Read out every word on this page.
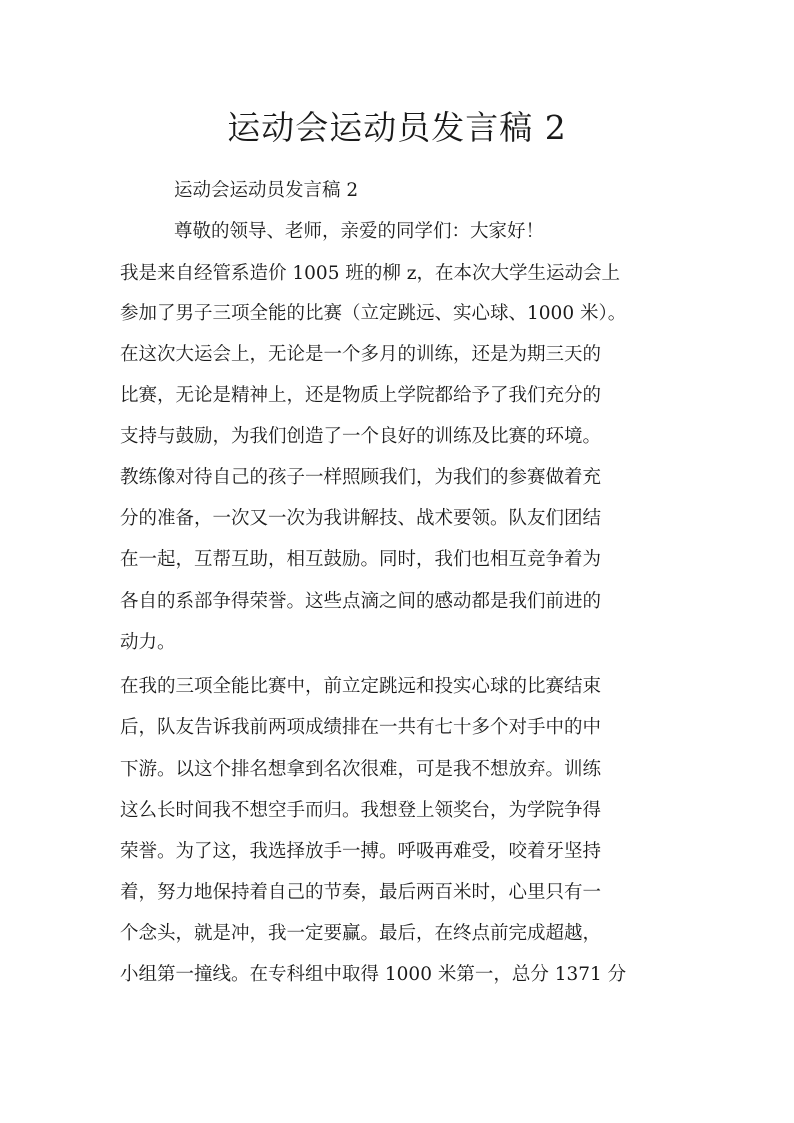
运动会运动员发言稿 2

运动会运动员发言稿 2

尊敬的领导、老师，亲爱的同学们：大家好！

我是来自经管系造价 1005 班的柳 z，在本次大学生运动会上

参加了男子三项全能的比赛（立定跳远、实心球、1000 米）。

在这次大运会上，无论是一个多月的训练，还是为期三天的

比赛，无论是精神上，还是物质上学院都给予了我们充分的

支持与鼓励，为我们创造了一个良好的训练及比赛的环境。

教练像对待自己的孩子一样照顾我们，为我们的参赛做着充

分的准备，一次又一次为我讲解技、战术要领。队友们团结

在一起，互帮互助，相互鼓励。同时，我们也相互竞争着为

各自的系部争得荣誉。这些点滴之间的感动都是我们前进的

动力。

在我的三项全能比赛中，前立定跳远和投实心球的比赛结束

后，队友告诉我前两项成绩排在一共有七十多个对手中的中

下游。以这个排名想拿到名次很难，可是我不想放弃。训练

这么长时间我不想空手而归。我想登上领奖台，为学院争得

荣誉。为了这，我选择放手一搏。呼吸再难受，咬着牙坚持

着，努力地保持着自己的节奏，最后两百米时，心里只有一

个念头，就是冲，我一定要赢。最后，在终点前完成超越，

小组第一撞线。在专科组中取得 1000 米第一，总分 1371 分
